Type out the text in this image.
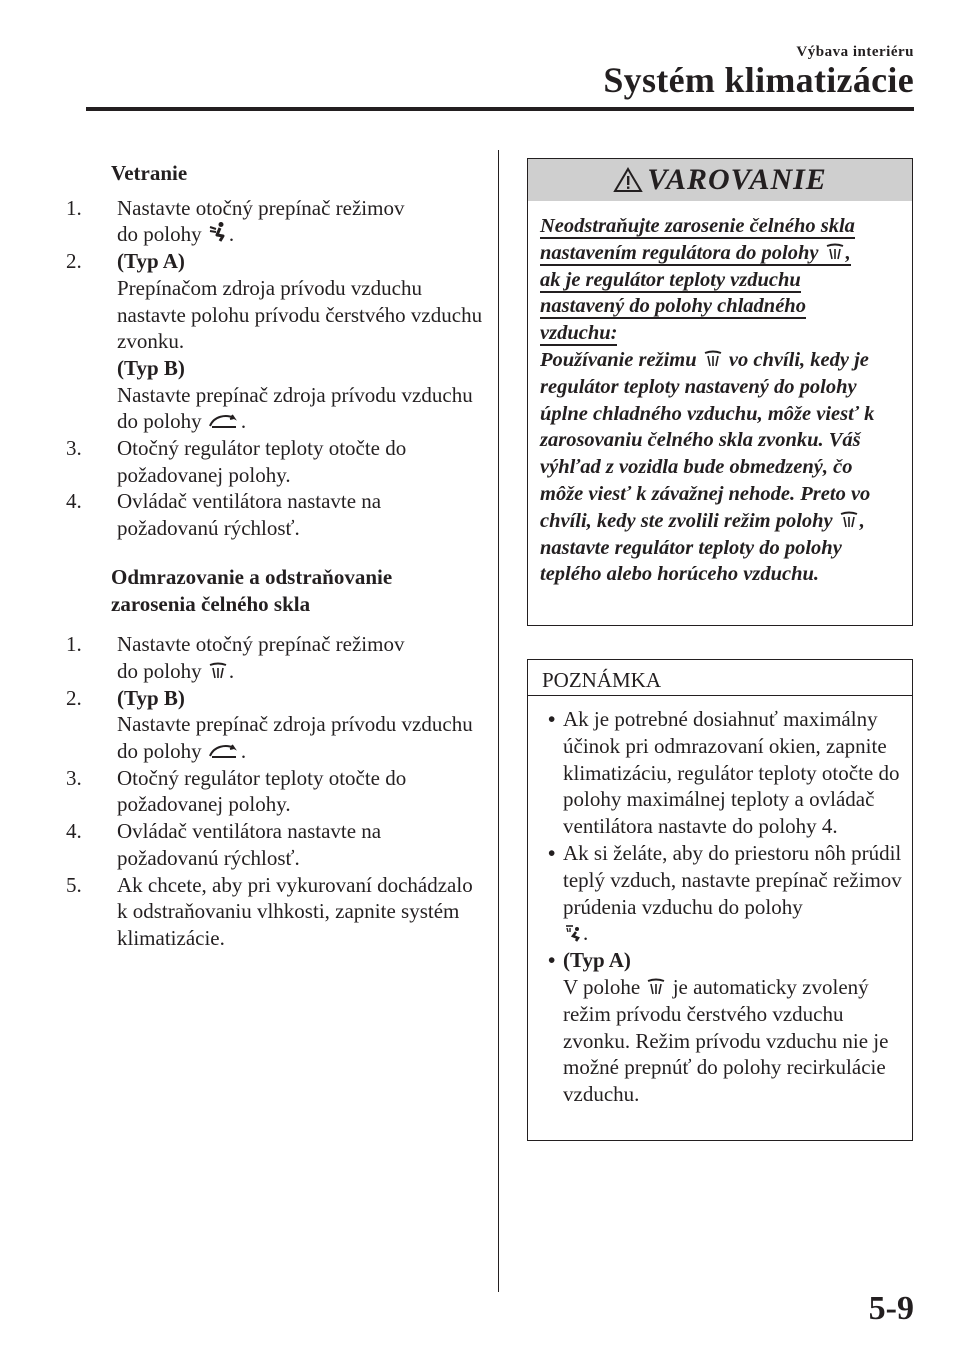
Výbava interiéru
Systém klimatizácie
Vetranie
1. Nastavte otočný prepínač režimov
do polohy .
2. (Typ A)
Prepínačom zdroja prívodu vzduchu nastavte polohu prívodu čerstvého vzduchu zvonku.
(Typ B)
Nastavte prepínač zdroja prívodu vzduchu do polohy .
3. Otočný regulátor teploty otočte do požadovanej polohy.
4. Ovládač ventilátora nastavte na požadovanú rýchlosť.
Odmrazovanie a odstraňovanie
zarosenia čelného skla
1. Nastavte otočný prepínač režimov
do polohy .
2. (Typ B)
Nastavte prepínač zdroja prívodu vzduchu do polohy .
3. Otočný regulátor teploty otočte do požadovanej polohy.
4. Ovládač ventilátora nastavte na požadovanú rýchlosť.
5. Ak chcete, aby pri vykurovaní dochádzalo k odstraňovaniu vlhkosti, zapnite systém klimatizácie.
VAROVANIE
Neodstraňujte zarosenie čelného skla
nastavením regulátora do polohy ,
ak je regulátor teploty vzduchu
nastavený do polohy chladného
vzduchu:
Používanie režimu vo chvíli, kedy je regulátor teploty nastavený do polohy úplne chladného vzduchu, môže viesť k zarosovaniu čelného skla zvonku. Váš výhľad z vozidla bude obmedzený, čo môže viesť k závažnej nehode. Preto vo chvíli, kedy ste zvolili režim polohy , nastavte regulátor teploty do polohy teplého alebo horúceho vzduchu.
POZNÁMKA
• Ak je potrebné dosiahnuť maximálny účinok pri odmrazovaní okien, zapnite klimatizáciu, regulátor teploty otočte do polohy maximálnej teploty a ovládač ventilátora nastavte do polohy 4.
• Ak si želáte, aby do priestoru nôh prúdil teplý vzduch, nastavte prepínač režimov prúdenia vzduchu do polohy
.
• (Typ A)
V polohe je automaticky zvolený režim prívodu čerstvého vzduchu zvonku. Režim prívodu vzduchu nie je možné prepnúť do polohy recirkulácie vzduchu.
5-9
